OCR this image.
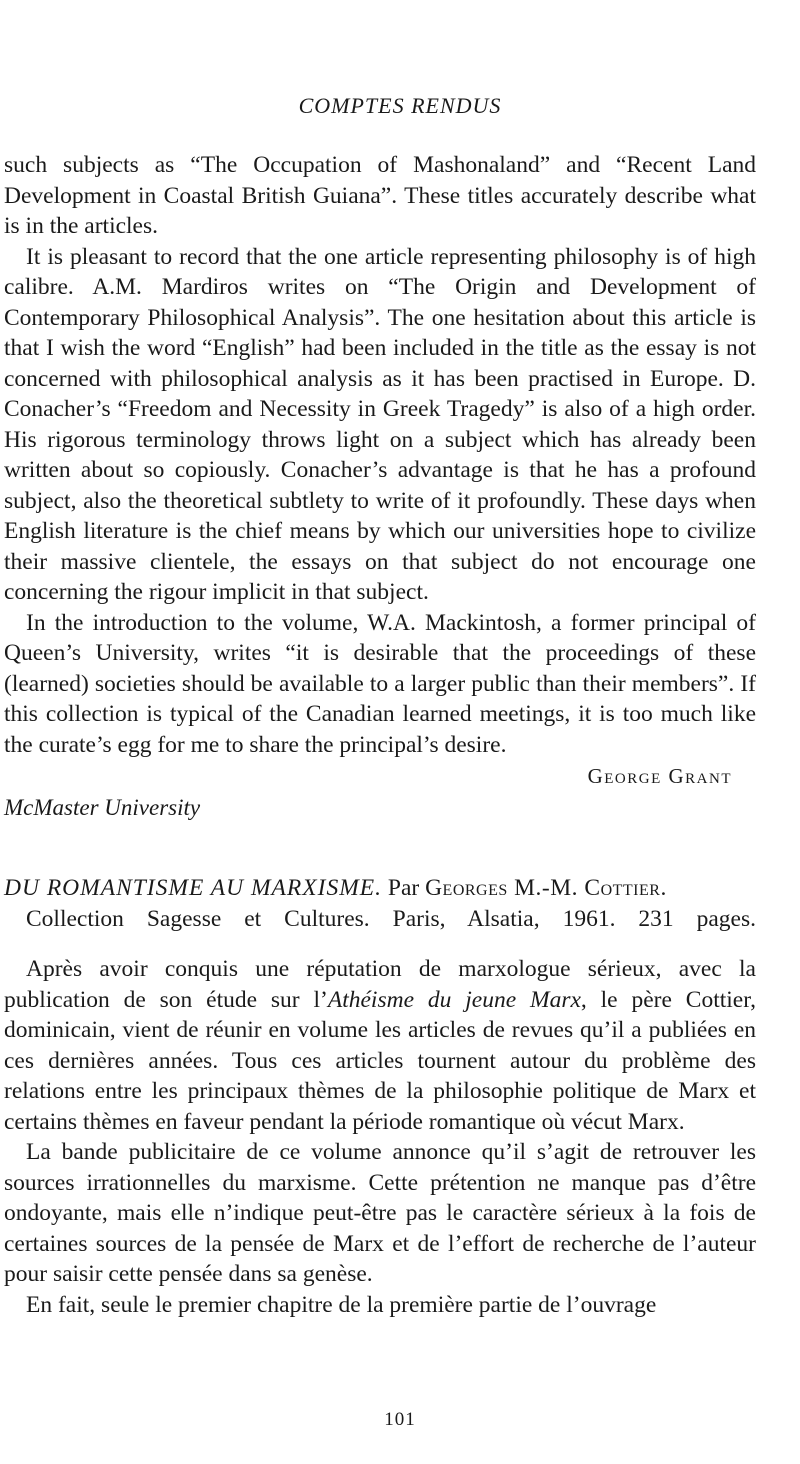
COMPTES RENDUS

such subjects as “The Occupation of Mashonaland” and “Recent Land Development in Coastal British Guiana”. These titles accurately describe what is in the articles.

It is pleasant to record that the one article representing philosophy is of high calibre. A.M. Mardiros writes on “The Origin and Development of Contemporary Philosophical Analysis”. The one hesitation about this article is that I wish the word “English” had been included in the title as the essay is not concerned with philosophical analysis as it has been practised in Europe. D. Conacher’s “Freedom and Necessity in Greek Tragedy” is also of a high order. His rigorous terminology throws light on a subject which has already been written about so copiously. Conacher’s advantage is that he has a profound subject, also the theoretical subtlety to write of it profoundly. These days when English literature is the chief means by which our universities hope to civilize their massive clientele, the essays on that subject do not encourage one concerning the rigour implicit in that subject.

In the introduction to the volume, W.A. Mackintosh, a former principal of Queen’s University, writes “it is desirable that the proceedings of these (learned) societies should be available to a larger public than their members”. If this collection is typical of the Canadian learned meetings, it is too much like the curate’s egg for me to share the principal’s desire.

George Grant
McMaster University
DU ROMANTISME AU MARXISME. Par Georges M.-M. Cottier.
Collection Sagesse et Cultures. Paris, Alsatia, 1961. 231 pages.

Après avoir conquis une réputation de marxologue sérieux, avec la publication de son étude sur l’Athéisme du jeune Marx, le père Cottier, dominicain, vient de réunir en volume les articles de revues qu’il a publiées en ces dernières années. Tous ces articles tournent autour du problème des relations entre les principaux thèmes de la philosophie politique de Marx et certains thèmes en faveur pendant la période romantique où vécut Marx.

La bande publicitaire de ce volume annonce qu’il s’agit de retrouver les sources irrationnelles du marxisme. Cette prétention ne manque pas d’être ondoyante, mais elle n’indique peut-être pas le caractère sérieux à la fois de certaines sources de la pensée de Marx et de l’effort de recherche de l’auteur pour saisir cette pensée dans sa genèse.

En fait, seule le premier chapitre de la première partie de l’ouvrage

101
